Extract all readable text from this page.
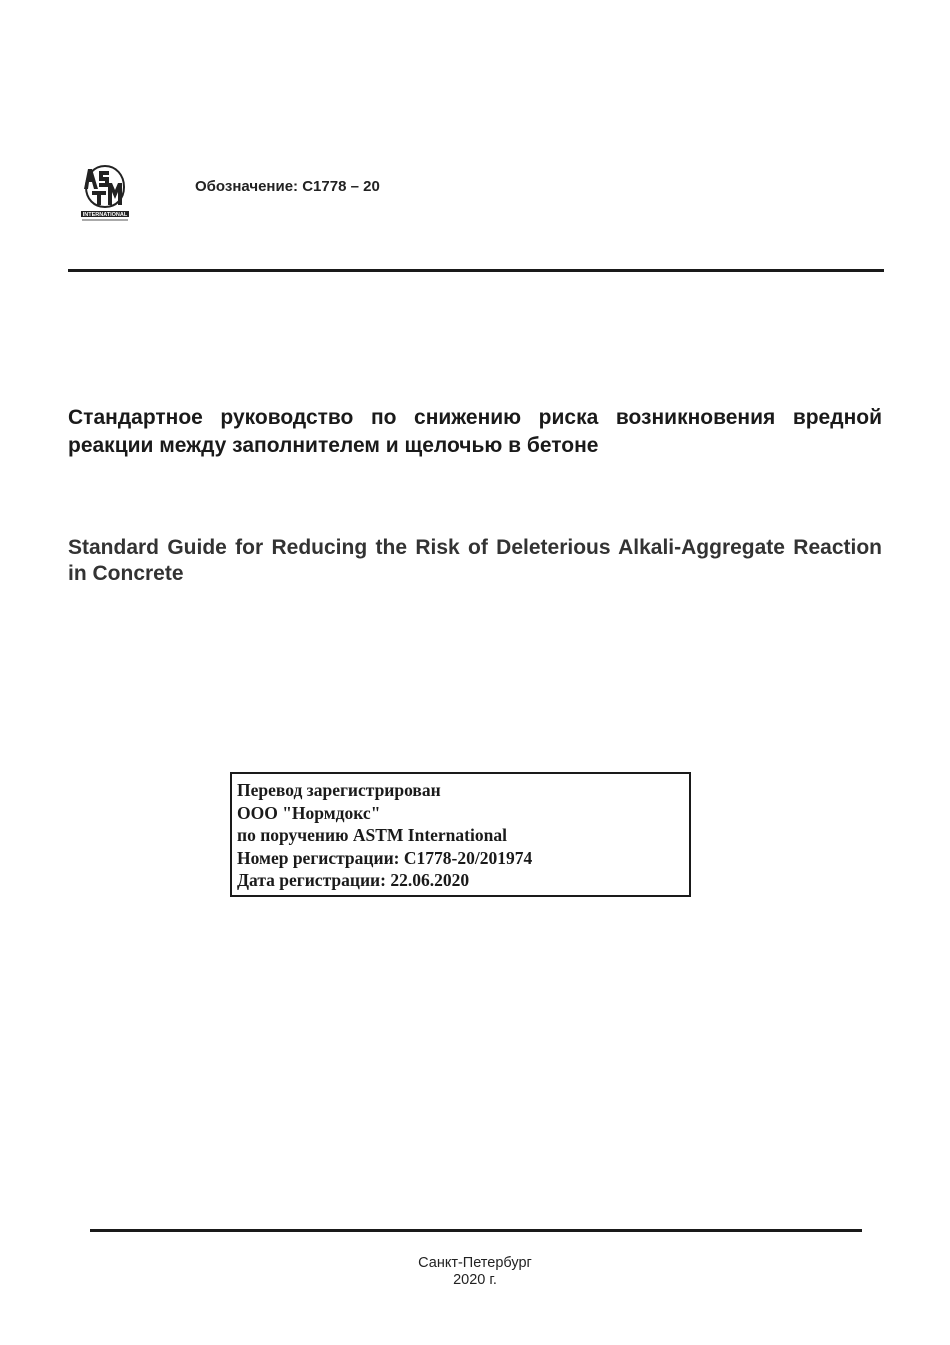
INTERNATIONAL
Обозначение: C1778 – 20

Стандартное руководство по снижению риска возникновения вредной реакции между заполнителем и щелочью в бетоне

Standard Guide for Reducing the Risk of Deleterious Alkali-Aggregate Reaction in Concrete

Перевод зарегистрирован
ООО "Нормдокс"
по поручению ASTM International
Номер регистрации: C1778-20/201974
Дата регистрации: 22.06.2020
Санкт-Петербург
2020 г.
